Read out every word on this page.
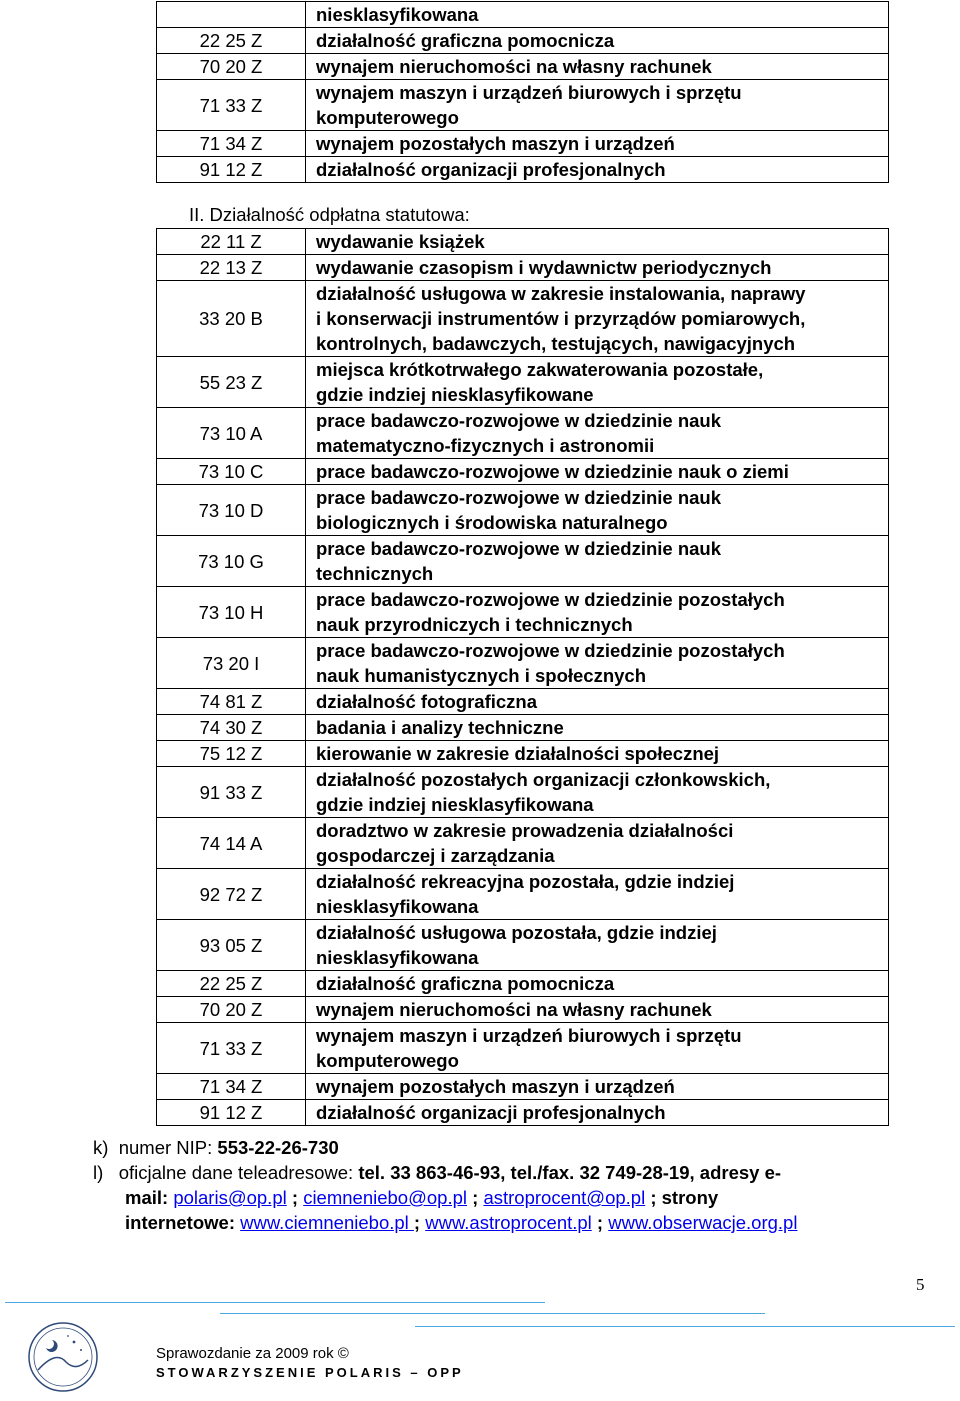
	niesklasyfikowana

22 25 Z	działalność graficzna pomocnicza

70 20 Z	wynajem nieruchomości na własny rachunek

71 33 Z	wynajem maszyn i urządzeń biurowych i sprzętu
komputerowego

71 34 Z	wynajem pozostałych maszyn i urządzeń

91 12 Z	działalność organizacji profesjonalnych
II. Działalność odpłatna statutowa:
22 11 Z	wydawanie książek

22 13 Z	wydawanie czasopism i wydawnictw periodycznych

33 20 B	działalność usługowa w zakresie instalowania, naprawy
i konserwacji instrumentów i przyrządów pomiarowych,
kontrolnych, badawczych, testujących, nawigacyjnych

55 23 Z	miejsca krótkotrwałego zakwaterowania pozostałe,
gdzie indziej niesklasyfikowane

73 10 A	prace badawczo-rozwojowe w dziedzinie nauk
matematyczno-fizycznych i astronomii

73 10 C	prace badawczo-rozwojowe w dziedzinie nauk o ziemi

73 10 D	prace badawczo-rozwojowe w dziedzinie nauk
biologicznych i środowiska naturalnego

73 10 G	prace badawczo-rozwojowe w dziedzinie nauk
technicznych

73 10 H	prace badawczo-rozwojowe w dziedzinie pozostałych
nauk przyrodniczych i technicznych

73 20 I	prace badawczo-rozwojowe w dziedzinie pozostałych
nauk humanistycznych i społecznych

74 81 Z	działalność fotograficzna

74 30 Z	badania i analizy techniczne

75 12 Z	kierowanie w zakresie działalności społecznej

91 33 Z	działalność pozostałych organizacji członkowskich,
gdzie indziej niesklasyfikowana

74 14 A	doradztwo w zakresie prowadzenia działalności
gospodarczej i zarządzania

92 72 Z	działalność rekreacyjna pozostała, gdzie indziej
niesklasyfikowana

93 05 Z	działalność usługowa pozostała, gdzie indziej
niesklasyfikowana

22 25 Z	działalność graficzna pomocnicza

70 20 Z	wynajem nieruchomości na własny rachunek

71 33 Z	wynajem maszyn i urządzeń biurowych i sprzętu
komputerowego

71 34 Z	wynajem pozostałych maszyn i urządzeń

91 12 Z	działalność organizacji profesjonalnych
k) numer NIP: 553-22-26-730
l) oficjalne dane teleadresowe: tel. 33 863-46-93, tel./fax. 32 749-28-19, adresy e-
mail: polaris@op.pl ; ciemneniebo@op.pl ; astroprocent@op.pl ; strony
internetowe: www.ciemneniebo.pl ; www.astroprocent.pl ; www.obserwacje.org.pl
5
Sprawozdanie za 2009 rok ©
STOWARZYSZENIE POLARIS – OPP
